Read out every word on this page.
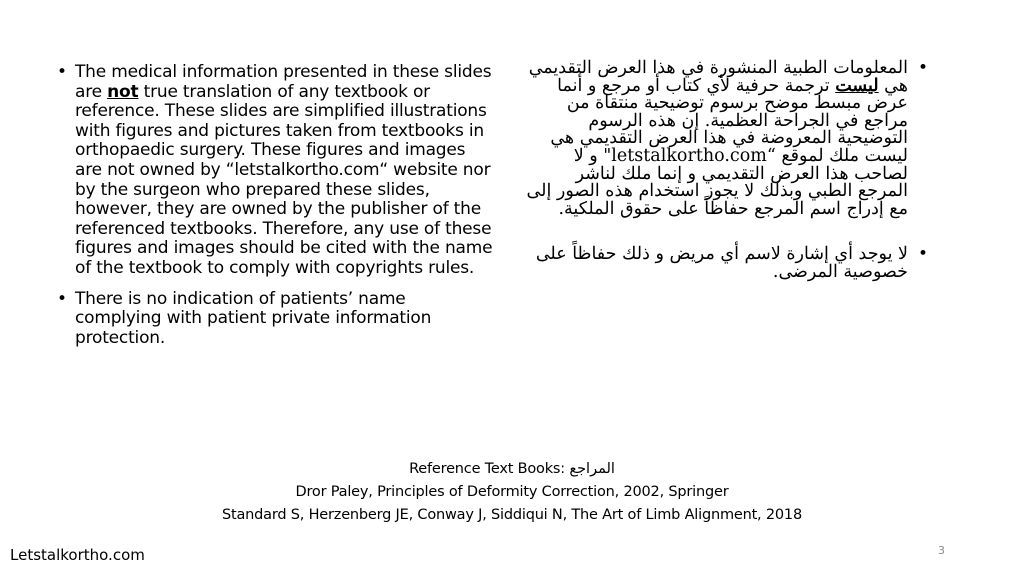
• The medical information presented in these slides are not true translation of any textbook or reference. These slides are simplified illustrations with figures and pictures taken from textbooks in orthopaedic surgery. These figures and images are not owned by “letstalkortho.com“ website nor by the surgeon who prepared these slides, however, they are owned by the publisher of the referenced textbooks. Therefore, any use of these figures and images should be cited with the name of the textbook to comply with copyrights rules.
• There is no indication of patients’ name complying with patient private information protection.
•
المعلومات الطبية المنشورة في هذا العرض التقديمي هي ليست ترجمة حرفية لأي كتاب أو مرجع و أنما عرض مبسط موضح برسوم توضيحية منتقاة من مراجع في الجراحة العظمية. إن هذه الرسوم التوضيحية المعروضة في هذا العرض التقديمي هي ليست ملك لموقع “letstalkortho.com" و لا لصاحب هذا العرض التقديمي و إنما ملك لناشر المرجع الطبي وبذلك لا يجوز استخدام هذه الصور إلى مع إدراج اسم المرجع حفاظاً على حقوق الملكية.
•
لا يوجد أي إشارة لاسم أي مريض و ذلك حفاظاً على خصوصية المرضى.
Reference Text Books: المراجع
Dror Paley, Principles of Deformity Correction, 2002, Springer
Standard S, Herzenberg JE, Conway J, Siddiqui N, The Art of Limb Alignment, 2018
Letstalkortho.com	3
